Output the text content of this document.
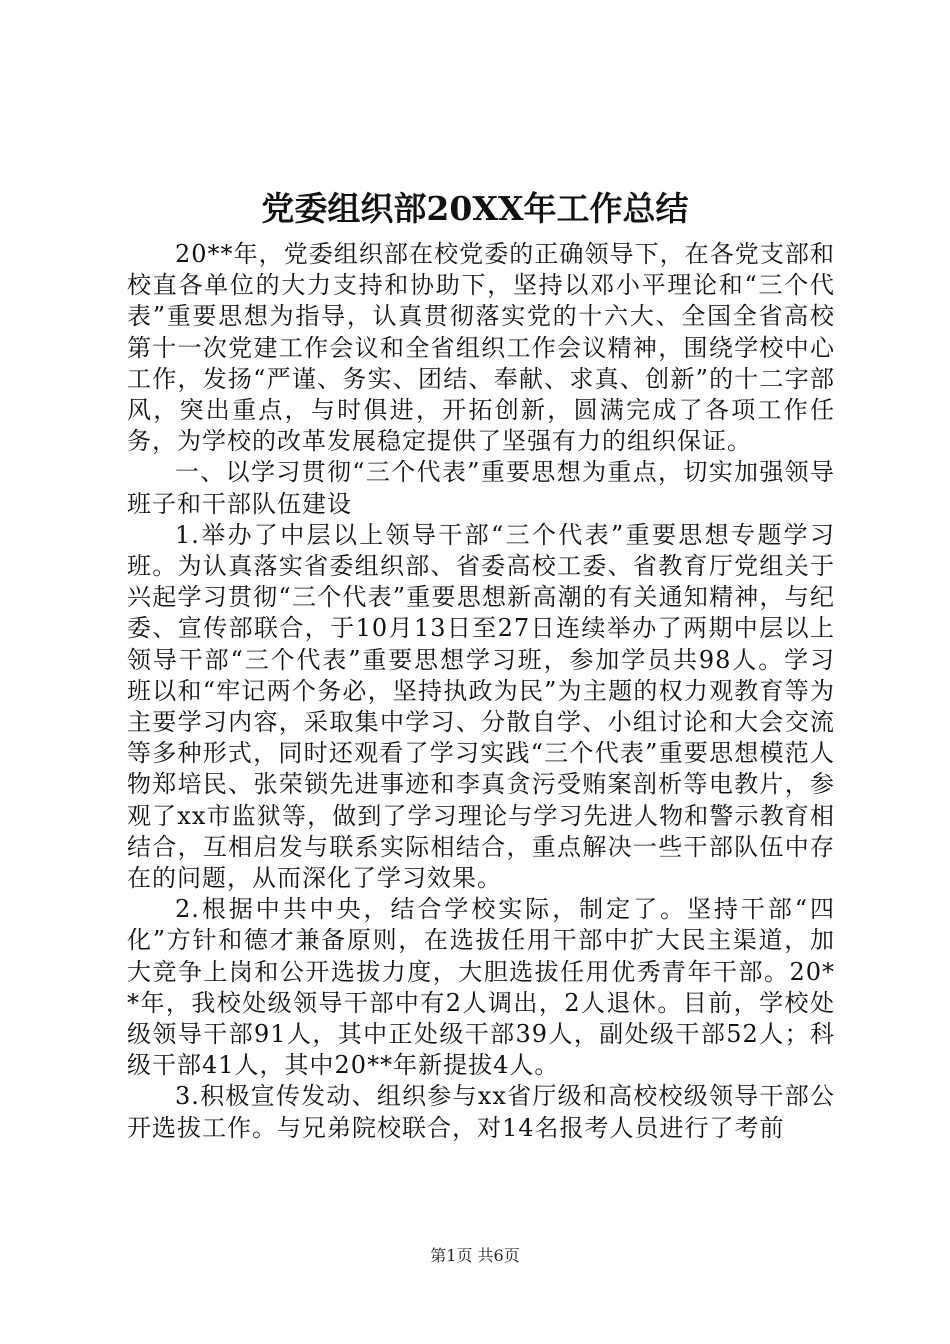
党委组织部20XX年工作总结

20**年，党委组织部在校党委的正确领导下，在各党支部和校直各单位的大力支持和协助下，坚持以邓小平理论和“三个代表”重要思想为指导，认真贯彻落实党的十六大、全国全省高校第十一次党建工作会议和全省组织工作会议精神，围绕学校中心工作，发扬“严谨、务实、团结、奉献、求真、创新”的十二字部风，突出重点，与时俱进，开拓创新，圆满完成了各项工作任务，为学校的改革发展稳定提供了坚强有力的组织保证。

一、以学习贯彻“三个代表”重要思想为重点，切实加强领导班子和干部队伍建设

1.举办了中层以上领导干部“三个代表”重要思想专题学习班。为认真落实省委组织部、省委高校工委、省教育厅党组关于兴起学习贯彻“三个代表”重要思想新高潮的有关通知精神，与纪委、宣传部联合，于10月13日至27日连续举办了两期中层以上领导干部“三个代表”重要思想学习班，参加学员共98人。学习班以和“牢记两个务必，坚持执政为民”为主题的权力观教育等为主要学习内容，采取集中学习、分散自学、小组讨论和大会交流等多种形式，同时还观看了学习实践“三个代表”重要思想模范人物郑培民、张荣锁先进事迹和李真贪污受贿案剖析等电教片，参观了xx市监狱等，做到了学习理论与学习先进人物和警示教育相结合，互相启发与联系实际相结合，重点解决一些干部队伍中存在的问题，从而深化了学习效果。

2.根据中共中央，结合学校实际，制定了。坚持干部“四化”方针和德才兼备原则，在选拔任用干部中扩大民主渠道，加大竞争上岗和公开选拔力度，大胆选拔任用优秀青年干部。20**年，我校处级领导干部中有2人调出，2人退休。目前，学校处级领导干部91人，其中正处级干部39人，副处级干部52人；科级干部41人，其中20**年新提拔4人。

3.积极宣传发动、组织参与xx省厅级和高校校级领导干部公开选拔工作。与兄弟院校联合，对14名报考人员进行了考前

第1页 共6页
